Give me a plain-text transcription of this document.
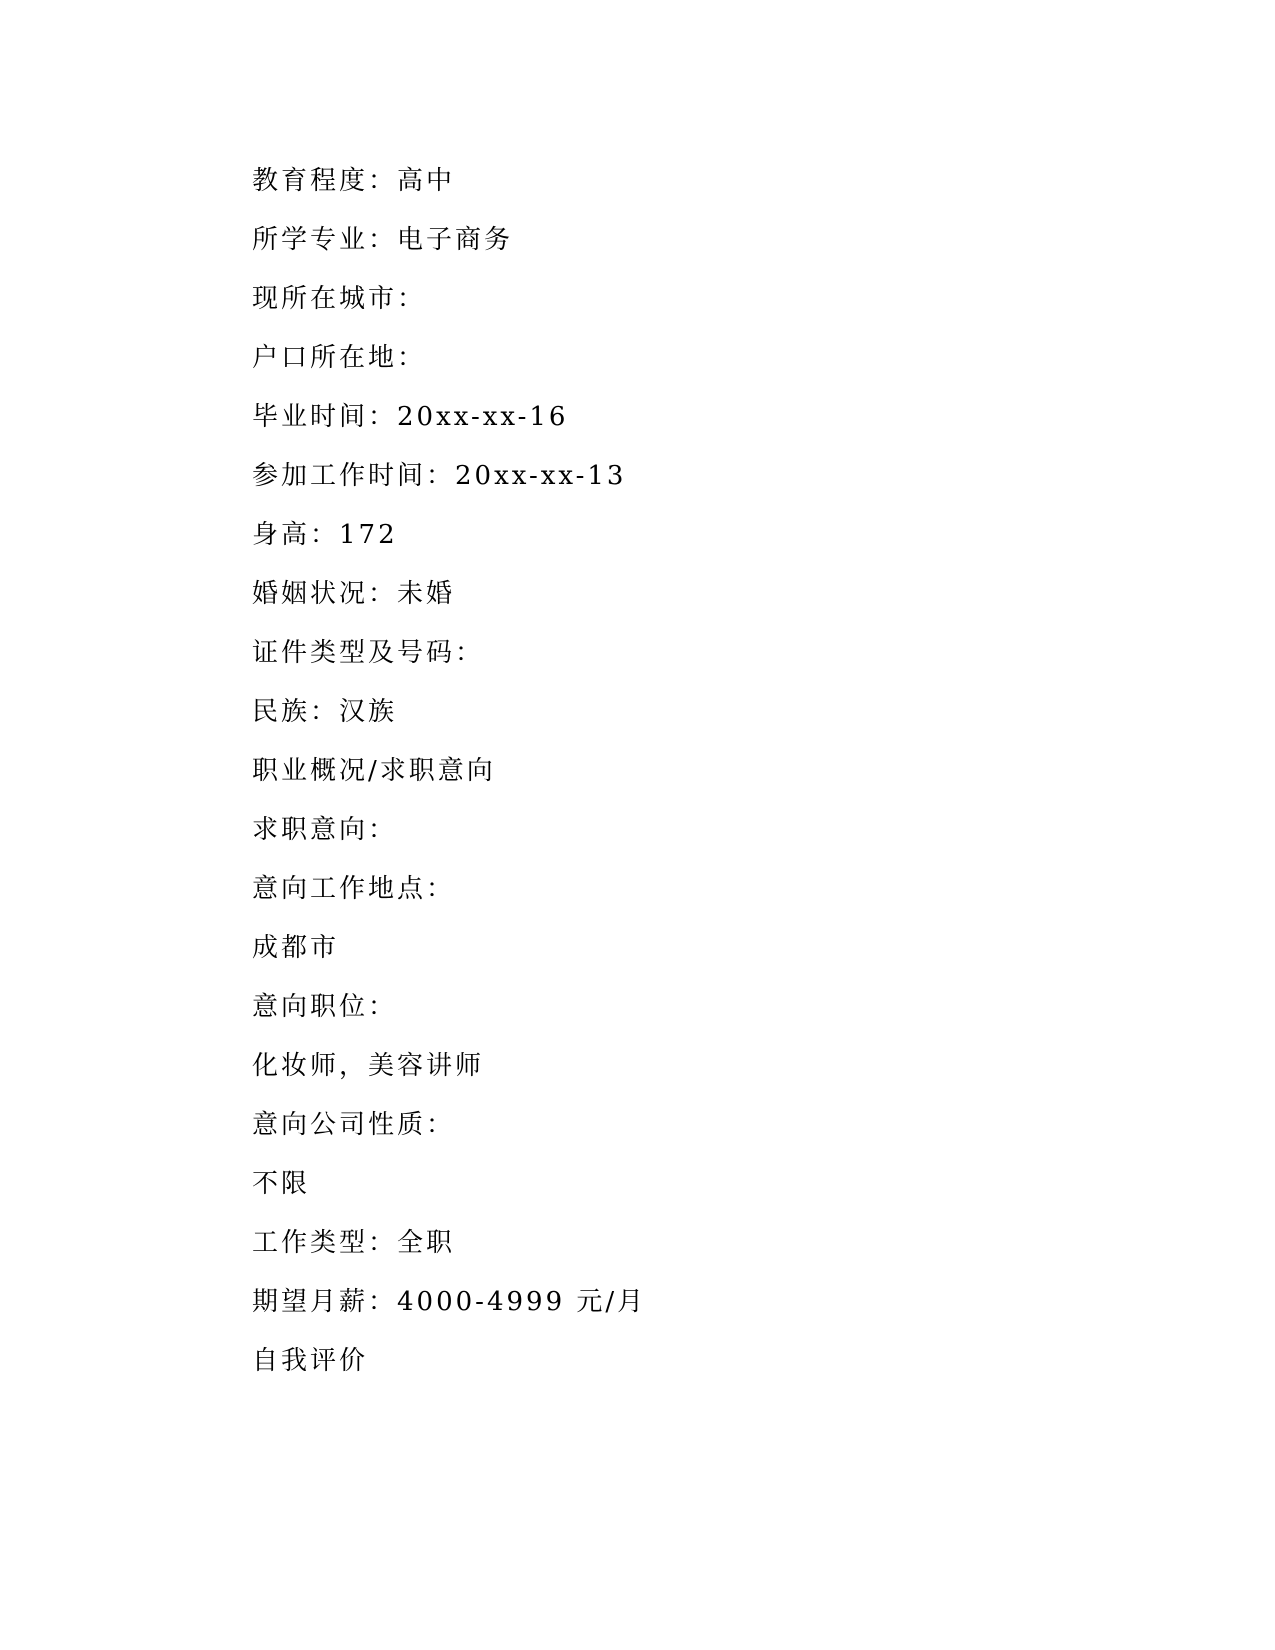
教育程度：高中
所学专业：电子商务
现所在城市：
户口所在地：
毕业时间：20xx-xx-16
参加工作时间：20xx-xx-13
身高：172
婚姻状况：未婚
证件类型及号码：
民族：汉族
职业概况/求职意向
求职意向：
意向工作地点：
成都市
意向职位：
化妆师，美容讲师
意向公司性质：
不限
工作类型：全职
期望月薪：4000-4999 元/月
自我评价
